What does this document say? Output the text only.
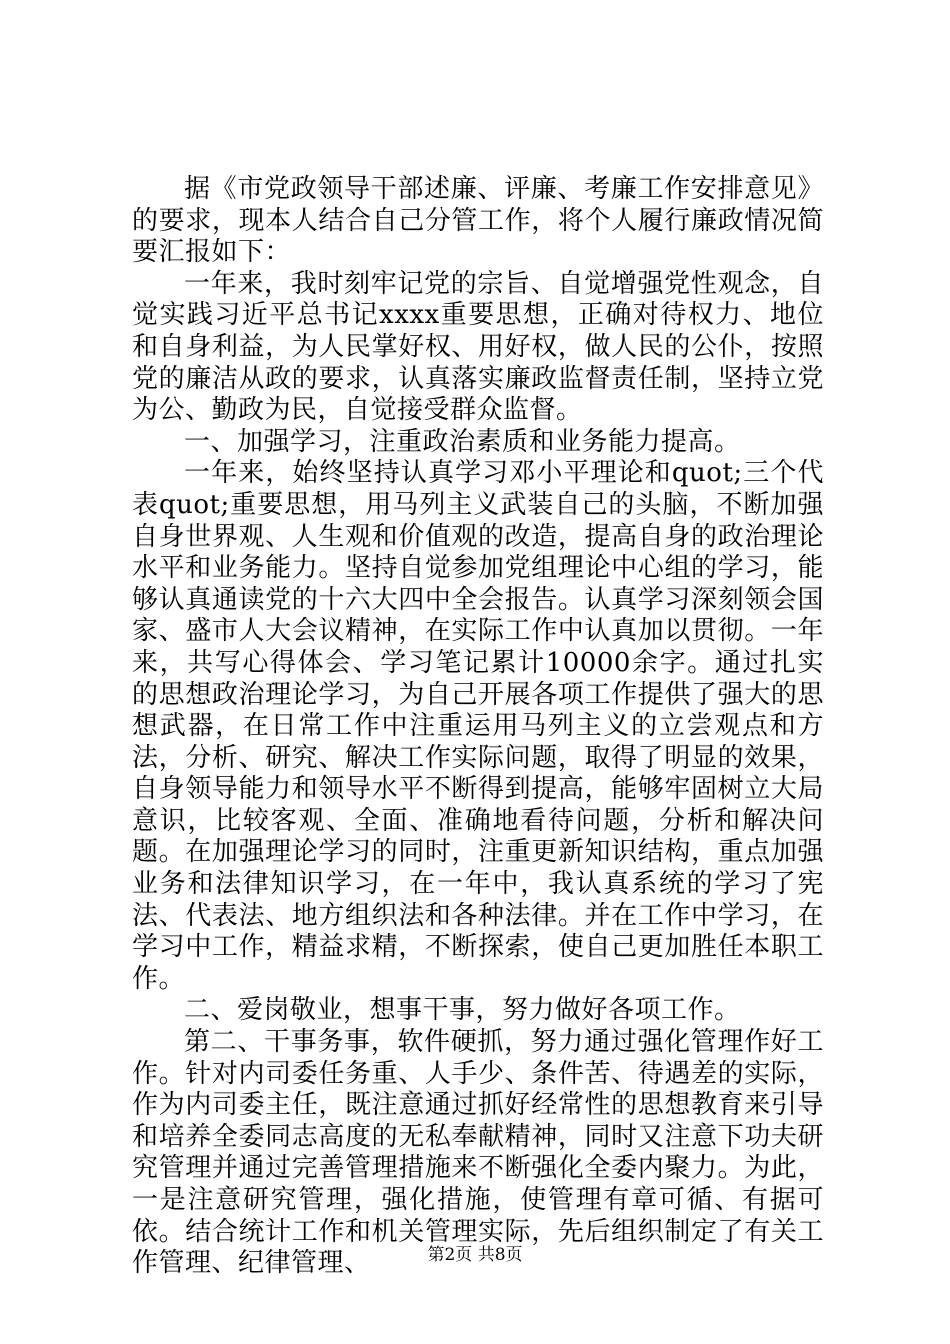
据《市党政领导干部述廉、评廉、考廉工作安排意见》的要求，现本人结合自己分管工作，将个人履行廉政情况简要汇报如下：

一年来，我时刻牢记党的宗旨、自觉增强党性观念，自觉实践习近平总书记xxxx重要思想，正确对待权力、地位和自身利益，为人民掌好权、用好权，做人民的公仆，按照党的廉洁从政的要求，认真落实廉政监督责任制，坚持立党为公、勤政为民，自觉接受群众监督。

一、加强学习，注重政治素质和业务能力提高。

一年来，始终坚持认真学习邓小平理论和quot;三个代表quot;重要思想，用马列主义武装自己的头脑，不断加强自身世界观、人生观和价值观的改造，提高自身的政治理论水平和业务能力。坚持自觉参加党组理论中心组的学习，能够认真通读党的十六大四中全会报告。认真学习深刻领会国家、盛市人大会议精神，在实际工作中认真加以贯彻。一年来，共写心得体会、学习笔记累计10000余字。通过扎实的思想政治理论学习，为自己开展各项工作提供了强大的思想武器，在日常工作中注重运用马列主义的立尝观点和方法，分析、研究、解决工作实际问题，取得了明显的效果，自身领导能力和领导水平不断得到提高，能够牢固树立大局意识，比较客观、全面、准确地看待问题，分析和解决问题。在加强理论学习的同时，注重更新知识结构，重点加强业务和法律知识学习，在一年中，我认真系统的学习了宪法、代表法、地方组织法和各种法律。并在工作中学习，在学习中工作，精益求精，不断探索，使自己更加胜任本职工作。

二、爱岗敬业，想事干事，努力做好各项工作。

第二、干事务事，软件硬抓，努力通过强化管理作好工作。针对内司委任务重、人手少、条件苦、待遇差的实际，作为内司委主任，既注意通过抓好经常性的思想教育来引导和培养全委同志高度的无私奉献精神，同时又注意下功夫研究管理并通过完善管理措施来不断强化全委内聚力。为此，一是注意研究管理，强化措施，使管理有章可循、有据可依。结合统计工作和机关管理实际，先后组织制定了有关工作管理、纪律管理、	第2页 共8页
